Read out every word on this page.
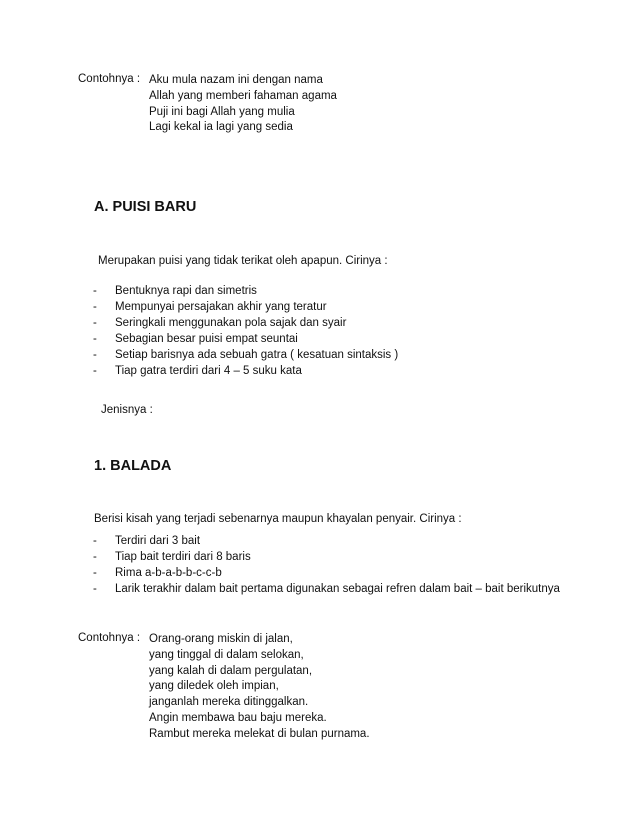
Contohnya : Aku mula nazam ini dengan nama
Allah yang memberi fahaman agama
Puji ini bagi Allah yang mulia
Lagi kekal ia lagi yang sedia
A. PUISI BARU
Merupakan puisi yang tidak terikat oleh apapun. Cirinya :
-	Bentuknya rapi dan simetris
-	Mempunyai persajakan akhir yang teratur
-	Seringkali menggunakan pola sajak dan syair
-	Sebagian besar puisi empat seuntai
-	Setiap barisnya ada sebuah gatra ( kesatuan sintaksis )
-	Tiap gatra terdiri dari 4 – 5 suku kata
Jenisnya :
1. BALADA
Berisi kisah yang terjadi sebenarnya maupun khayalan penyair. Cirinya :
-	Terdiri dari 3 bait
-	Tiap bait terdiri dari 8 baris
-	Rima a-b-a-b-b-c-c-b
-	Larik terakhir dalam bait pertama digunakan sebagai refren dalam bait – bait berikutnya
Contohnya : Orang-orang miskin di jalan,
yang tinggal di dalam selokan,
yang kalah di dalam pergulatan,
yang diledek oleh impian,
janganlah mereka ditinggalkan.
Angin membawa bau baju mereka.
Rambut mereka melekat di bulan purnama.
